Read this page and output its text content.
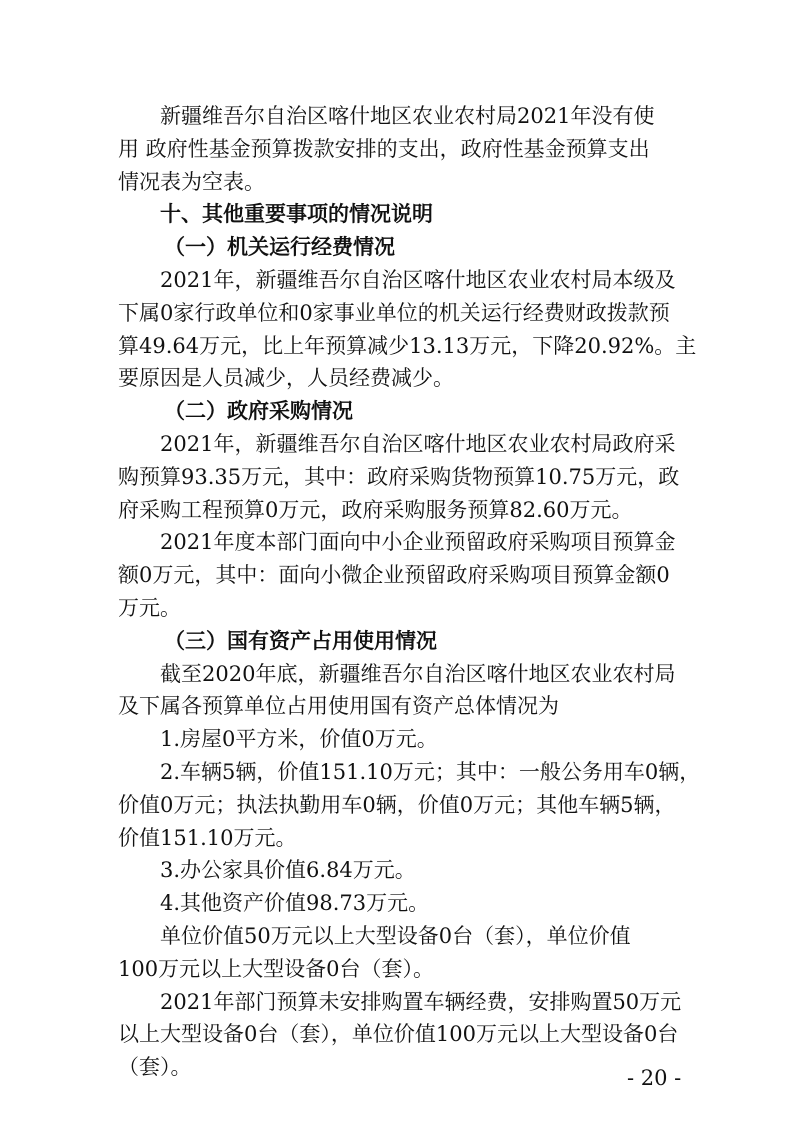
新疆维吾尔自治区喀什地区农业农村局2021年没有使
用 政府性基金预算拨款安排的支出，政府性基金预算支出
情况表为空表。
十、其他重要事项的情况说明
（一）机关运行经费情况
2021年，新疆维吾尔自治区喀什地区农业农村局本级及
下属0家行政单位和0家事业单位的机关运行经费财政拨款预
算49.64万元，比上年预算减少13.13万元，下降20.92%。主
要原因是人员减少，人员经费减少。
（二）政府采购情况
2021年，新疆维吾尔自治区喀什地区农业农村局政府采
购预算93.35万元，其中：政府采购货物预算10.75万元，政
府采购工程预算0万元，政府采购服务预算82.60万元。
2021年度本部门面向中小企业预留政府采购项目预算金
额0万元，其中：面向小微企业预留政府采购项目预算金额0
万元。
（三）国有资产占用使用情况
截至2020年底，新疆维吾尔自治区喀什地区农业农村局
及下属各预算单位占用使用国有资产总体情况为
1.房屋0平方米，价值0万元。
2.车辆5辆，价值151.10万元；其中：一般公务用车0辆，
价值0万元；执法执勤用车0辆，价值0万元；其他车辆5辆，
价值151.10万元。
3.办公家具价值6.84万元。
4.其他资产价值98.73万元。
单位价值50万元以上大型设备0台（套），单位价值
100万元以上大型设备0台（套）。
2021年部门预算未安排购置车辆经费，安排购置50万元
以上大型设备0台（套），单位价值100万元以上大型设备0台
（套）。	- 20 -
